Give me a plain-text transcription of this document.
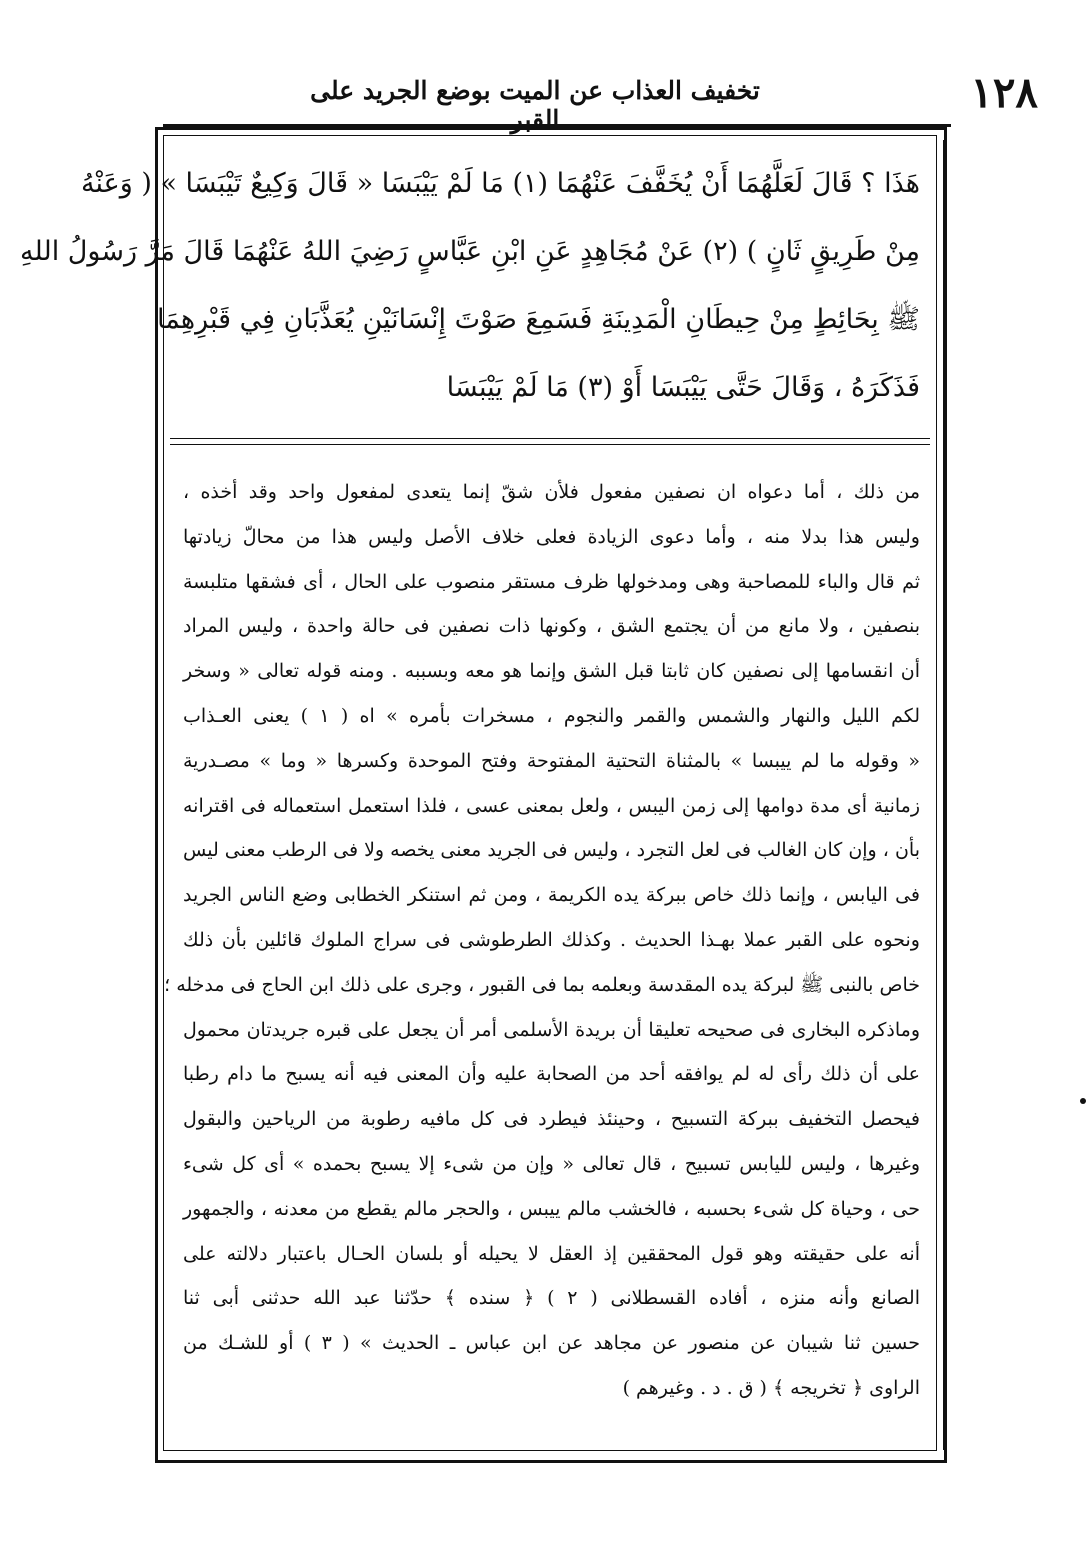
١٢٨
تخفيف العذاب عن الميت بوضع الجريد على القبر
هَذَا ؟ قَالَ لَعَلَّهُمَا أَنْ يُخَفَّفَ عَنْهُمَا (١) مَا لَمْ يَيْبَسَا « قَالَ وَكِيعٌ تَيْبَسَا » ( وَعَنْهُ
مِنْ طَرِيقٍ ثَانٍ ) (٢) عَنْ مُجَاهِدٍ عَنِ ابْنِ عَبَّاسٍ رَضِيَ اللهُ عَنْهُمَا قَالَ مَرَّ رَسُولُ اللهِ
ﷺ بِحَائِطٍ مِنْ حِيطَانِ الْمَدِينَةِ فَسَمِعَ صَوْتَ إِنْسَانَيْنِ يُعَذَّبَانِ فِي قَبْرِهِمَا
فَذَكَرَهُ ، وَقَالَ حَتَّى يَيْبَسَا أَوْ (٣) مَا لَمْ يَيْبَسَا
من ذلك ، أما دعواه ان نصفين مفعول فلأن شقّ إنما يتعدى لمفعول واحد وقد أخذه ،
وليس هذا بدلا منه ، وأما دعوى الزيادة فعلى خلاف الأصل وليس هذا من محالّ زيادتها
ثم قال والباء للمصاحبة وهى ومدخولها ظرف مستقر منصوب على الحال ، أى فشقها متلبسة
بنصفين ، ولا مانع من أن يجتمع الشق ، وكونها ذات نصفين فى حالة واحدة ، وليس المراد
أن انقسامها إلى نصفين كان ثابتا قبل الشق وإنما هو معه وبسببه . ومنه قوله تعالى « وسخر
لكم الليل والنهار والشمس والقمر والنجوم ، مسخرات بأمره » اه ( ١ ) يعنى العـذاب
« وقوله ما لم ييبسا » بالمثناة التحتية المفتوحة وفتح الموحدة وكسرها « وما » مصـدرية
زمانية أى مدة دوامها إلى زمن اليبس ، ولعل بمعنى عسى ، فلذا استعمل استعماله فى اقترانه
بأن ، وإن كان الغالب فى لعل التجرد ، وليس فى الجريد معنى يخصه ولا فى الرطب معنى ليس
فى اليابس ، وإنما ذلك خاص ببركة يده الكريمة ، ومن ثم استنكر الخطابى وضع الناس الجريد
ونحوه على القبر عملا بهـذا الحديث . وكذلك الطرطوشى فى سراج الملوك قائلين بأن ذلك
خاص بالنبى ﷺ لبركة يده المقدسة وبعلمه بما فى القبور ، وجرى على ذلك ابن الحاج فى مدخله ؛
وماذكره البخارى فى صحيحه تعليقا أن بريدة الأسلمى أمر أن يجعل على قبره جريدتان محمول
على أن ذلك رأى له لم يوافقه أحد من الصحابة عليه وأن المعنى فيه أنه يسبح ما دام رطبا
فيحصل التخفيف ببركة التسبيح ، وحينئذ فيطرد فى كل مافيه رطوبة من الرياحين والبقول
وغيرها ، وليس لليابس تسبيح ، قال تعالى « وإن من شىء إلا يسبح بحمده » أى كل شىء
حى ، وحياة كل شىء بحسبه ، فالخشب مالم ييبس ، والحجر مالم يقطع من معدنه ، والجمهور
أنه على حقيقته وهو قول المحققين إذ العقل لا يحيله أو بلسان الحـال باعتبار دلالته على
الصانع وأنه منزه ، أفاده القسطلانى ( ٢ ) ﴿ سنده ﴾ حدّثنا عبد الله حدثنى أبى ثنا
حسين ثنا شيبان عن منصور عن مجاهد عن ابن عباس ـ الحديث » ( ٣ ) أو للشـك من
الراوى ﴿ تخريجه ﴾ ( ق . د . وغيرهم )
